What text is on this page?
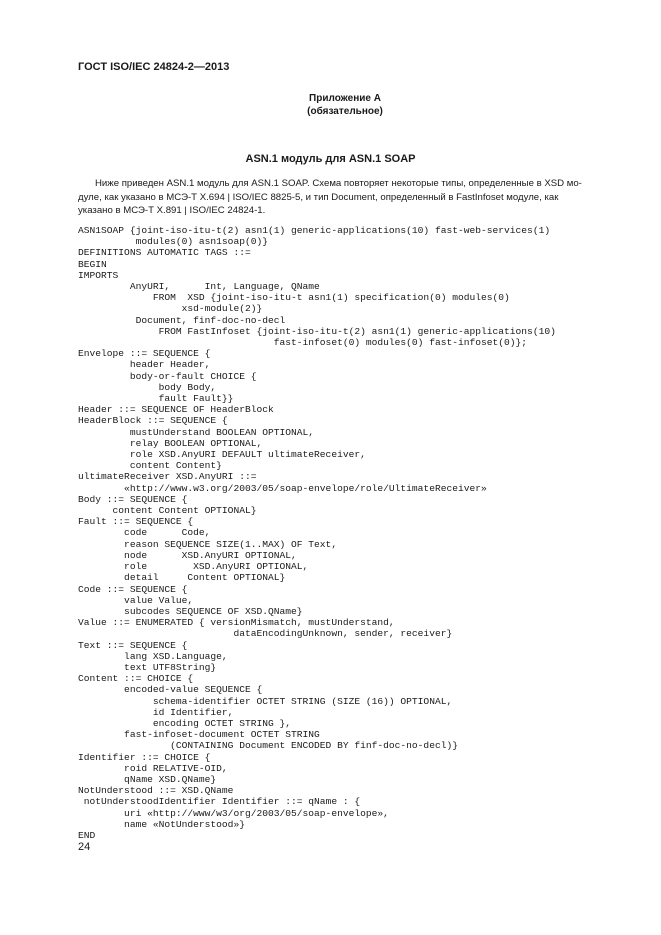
ГОСТ ISO/IEC 24824-2—2013
Приложение А
(обязательное)
ASN.1 модуль для ASN.1 SOAP
Ниже приведен ASN.1 модуль для ASN.1 SOAP. Схема повторяет некоторые типы, определенные в XSD мо-
дуле, как указано в МСЭ-Т X.694 | ISO/IEC 8825-5, и тип Document, определенный в FastInfoset модуле, как
указано в МСЭ-Т X.891 | ISO/IEC 24824-1.
ASN1SOAP {joint-iso-itu-t(2) asn1(1) generic-applications(10) fast-web-services(1)
modules(0) asn1soap(0)}
DEFINITIONS AUTOMATIC TAGS ::=
BEGIN
IMPORTS
AnyURI,      Int, Language, QName
FROM  XSD {joint-iso-itu-t asn1(1) specification(0) modules(0)
xsd-module(2)}
Document, finf-doc-no-decl
FROM FastInfoset {joint-iso-itu-t(2) asn1(1) generic-applications(10)
fast-infoset(0) modules(0) fast-infoset(0)};
Envelope ::= SEQUENCE {
header Header,
body-or-fault CHOICE {
body Body,
fault Fault}}
Header ::= SEQUENCE OF HeaderBlock
HeaderBlock ::= SEQUENCE {
mustUnderstand BOOLEAN OPTIONAL,
relay BOOLEAN OPTIONAL,
role XSD.AnyURI DEFAULT ultimateReceiver,
content Content}
ultimateReceiver XSD.AnyURI ::=
«http://www.w3.org/2003/05/soap-envelope/role/UltimateReceiver»
Body ::= SEQUENCE {
content Content OPTIONAL}
Fault ::= SEQUENCE {
code      Code,
reason SEQUENCE SIZE(1..MAX) OF Text,
node      XSD.AnyURI OPTIONAL,
role        XSD.AnyURI OPTIONAL,
detail     Content OPTIONAL}
Code ::= SEQUENCE {
value Value,
subcodes SEQUENCE OF XSD.QName}
Value ::= ENUMERATED { versionMismatch, mustUnderstand,
dataEncodingUnknown, sender, receiver}
Text ::= SEQUENCE {
lang XSD.Language,
text UTF8String}
Content ::= CHOICE {
encoded-value SEQUENCE {
schema-identifier OCTET STRING (SIZE (16)) OPTIONAL,
id Identifier,
encoding OCTET STRING },
fast-infoset-document OCTET STRING
(CONTAINING Document ENCODED BY finf-doc-no-decl)}
Identifier ::= CHOICE {
roid RELATIVE-OID,
qName XSD.QName}
NotUnderstood ::= XSD.QName
notUnderstoodIdentifier Identifier ::= qName : {
uri «http://www/w3/org/2003/05/soap-envelope»,
name «NotUnderstood»}
END
24
